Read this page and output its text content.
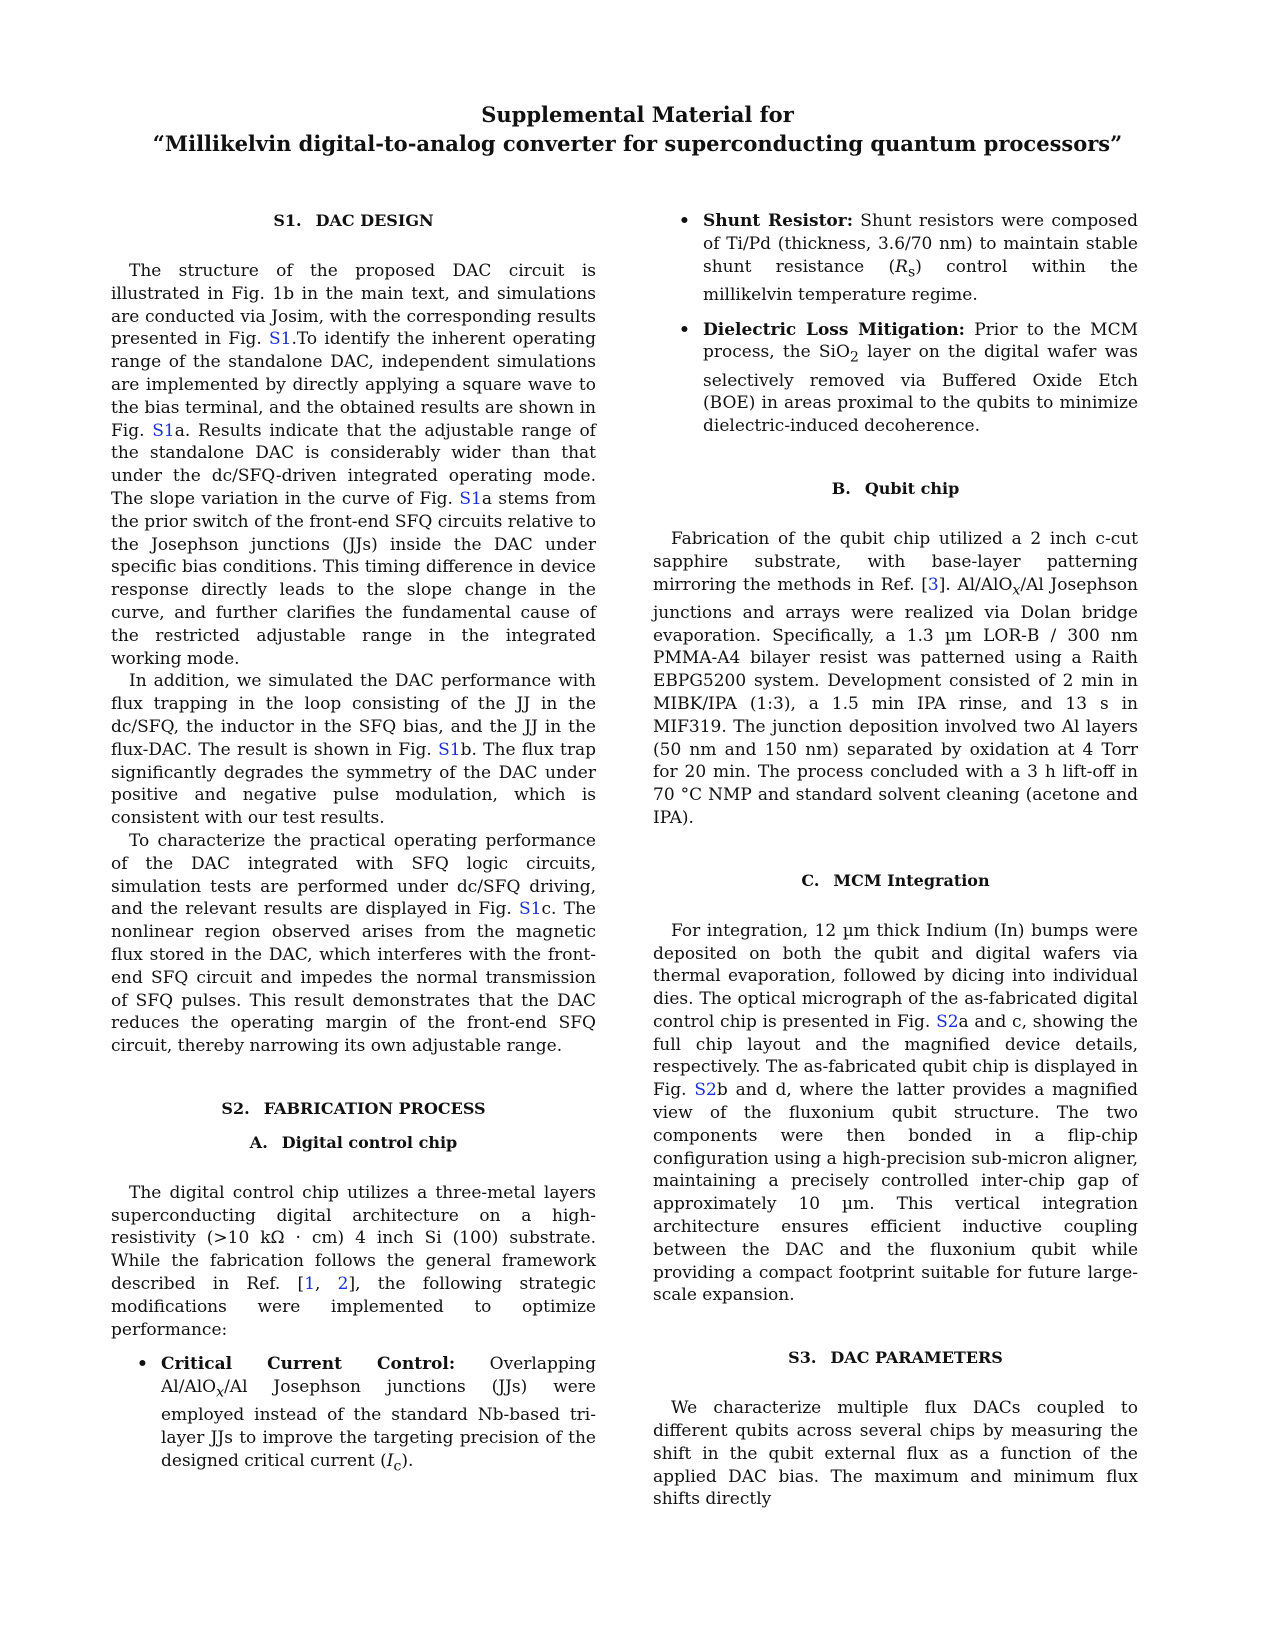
Supplemental Material for
“Millikelvin digital-to-analog converter for superconducting quantum processors”
S1. DAC DESIGN

The structure of the proposed DAC circuit is illustrated in Fig. 1b in the main text, and simulations are conducted via Josim, with the corresponding results presented in Fig. S1.To identify the inherent operating range of the standalone DAC, independent simulations are implemented by directly applying a square wave to the bias terminal, and the obtained results are shown in Fig. S1a. Results indicate that the adjustable range of the standalone DAC is considerably wider than that under the dc/SFQ-driven integrated operating mode. The slope variation in the curve of Fig. S1a stems from the prior switch of the front-end SFQ circuits relative to the Josephson junctions (JJs) inside the DAC under specific bias conditions. This timing difference in device response directly leads to the slope change in the curve, and further clarifies the fundamental cause of the restricted adjustable range in the integrated working mode.

In addition, we simulated the DAC performance with flux trapping in the loop consisting of the JJ in the dc/SFQ, the inductor in the SFQ bias, and the JJ in the flux-DAC. The result is shown in Fig. S1b. The flux trap significantly degrades the symmetry of the DAC under positive and negative pulse modulation, which is consistent with our test results.

To characterize the practical operating performance of the DAC integrated with SFQ logic circuits, simulation tests are performed under dc/SFQ driving, and the relevant results are displayed in Fig. S1c. The nonlinear region observed arises from the magnetic flux stored in the DAC, which interferes with the front-end SFQ circuit and impedes the normal transmission of SFQ pulses. This result demonstrates that the DAC reduces the operating margin of the front-end SFQ circuit, thereby narrowing its own adjustable range.

S2. FABRICATION PROCESS
A. Digital control chip

The digital control chip utilizes a three-metal layers superconducting digital architecture on a high-resistivity (>10 kΩ · cm) 4 inch Si (100) substrate. While the fabrication follows the general framework described in Ref. [1, 2], the following strategic modifications were implemented to optimize performance:

• Critical Current Control: Overlapping Al/AlO$_x$/Al Josephson junctions (JJs) were employed instead of the standard Nb-based tri-layer JJs to improve the targeting precision of the designed critical current $(I_c)$.
• Shunt Resistor: Shunt resistors were composed of Ti/Pd (thickness, 3.6/70 nm) to maintain stable shunt resistance $(R_s)$ control within the millikelvin temperature regime.
• Dielectric Loss Mitigation: Prior to the MCM process, the SiO$_2$ layer on the digital wafer was selectively removed via Buffered Oxide Etch (BOE) in areas proximal to the qubits to minimize dielectric-induced decoherence.
B. Qubit chip

Fabrication of the qubit chip utilized a 2 inch c-cut sapphire substrate, with base-layer patterning mirroring the methods in Ref. [3]. Al/AlO$_x$/Al Josephson junctions and arrays were realized via Dolan bridge evaporation. Specifically, a 1.3 µm LOR-B / 300 nm PMMA-A4 bilayer resist was patterned using a Raith EBPG5200 system. Development consisted of 2 min in MIBK/IPA (1:3), a 1.5 min IPA rinse, and 13 s in MIF319. The junction deposition involved two Al layers (50 nm and 150 nm) separated by oxidation at 4 Torr for 20 min. The process concluded with a 3 h lift-off in 70 °C NMP and standard solvent cleaning (acetone and IPA).

C. MCM Integration

For integration, 12 µm thick Indium (In) bumps were deposited on both the qubit and digital wafers via thermal evaporation, followed by dicing into individual dies. The optical micrograph of the as-fabricated digital control chip is presented in Fig. S2a and c, showing the full chip layout and the magnified device details, respectively. The as-fabricated qubit chip is displayed in Fig. S2b and d, where the latter provides a magnified view of the fluxonium qubit structure. The two components were then bonded in a flip-chip configuration using a high-precision sub-micron aligner, maintaining a precisely controlled inter-chip gap of approximately 10 µm. This vertical integration architecture ensures efficient inductive coupling between the DAC and the fluxonium qubit while providing a compact footprint suitable for future large-scale expansion.

S3. DAC PARAMETERS

We characterize multiple flux DACs coupled to different qubits across several chips by measuring the shift in the qubit external flux as a function of the applied DAC bias. The maximum and minimum flux shifts directly
